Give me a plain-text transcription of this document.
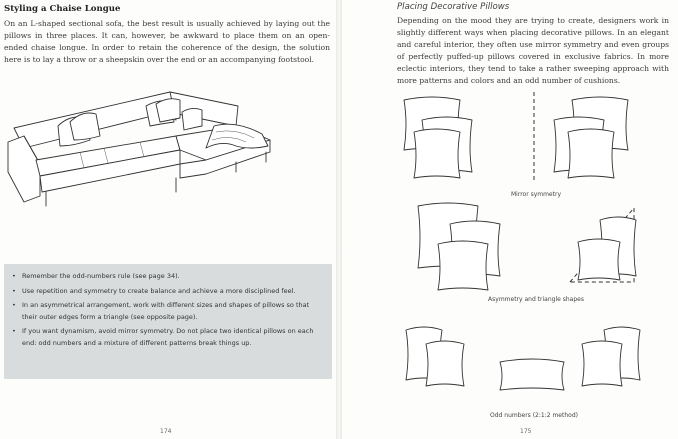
Styling a Chaise Longue
On an L-shaped sectional sofa, the best result is usually achieved by laying out the pillows in three places. It can, however, be awkward to place them on an open-ended chaise longue. In order to retain the coherence of the design, the solution here is to lay a throw or a sheepskin over the end or an accompanying footstool.
• Remember the odd-numbers rule (see page 34).
• Use repetition and symmetry to create balance and achieve a more disciplined feel.
• In an asymmetrical arrangement, work with different sizes and shapes of pillows so that their outer edges form a triangle (see opposite page).
• If you want dynamism, avoid mirror symmetry. Do not place two identical pillows on each end: odd numbers and a mixture of different patterns break things up.
174
Placing Decorative Pillows
Depending on the mood they are trying to create, designers work in slightly different ways when placing decorative pillows. In an elegant and careful interior, they often use mirror symmetry and even groups of perfectly puffed-up pillows covered in exclusive fabrics. In more eclectic interiors, they tend to take a rather sweeping approach with more patterns and colors and an odd number of cushions.
Mirror symmetry
Asymmetry and triangle shapes
Odd numbers (2:1:2 method)
175
